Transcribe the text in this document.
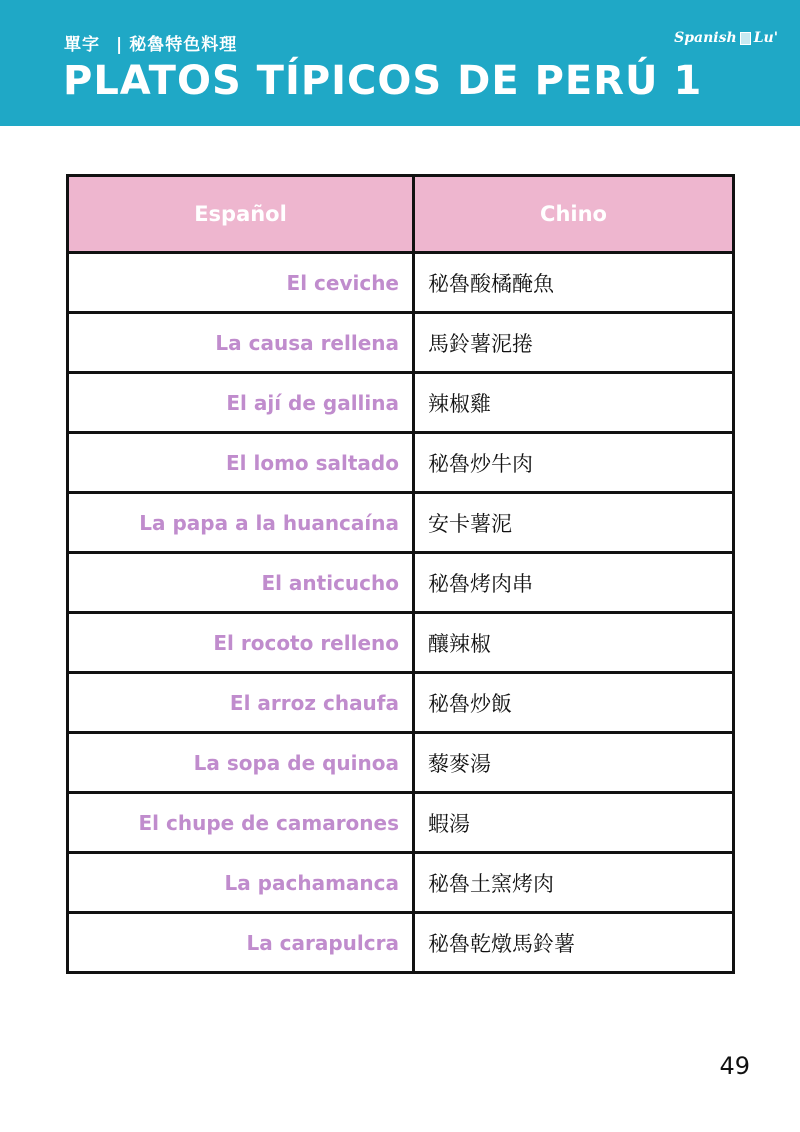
單字 | 秘魯特色料理
PLATOS TÍPICOS DE PERÚ 1
Spanish Lu'
Español	Chino
El ceviche	秘魯酸橘醃魚
La causa rellena	馬鈴薯泥捲
El ají de gallina	辣椒雞
El lomo saltado	秘魯炒牛肉
La papa a la huancaína	安卡薯泥
El anticucho	秘魯烤肉串
El rocoto relleno	釀辣椒
El arroz chaufa	秘魯炒飯
La sopa de quinoa	藜麥湯
El chupe de camarones	蝦湯
La pachamanca	秘魯土窯烤肉
La carapulcra	秘魯乾燉馬鈴薯
49
